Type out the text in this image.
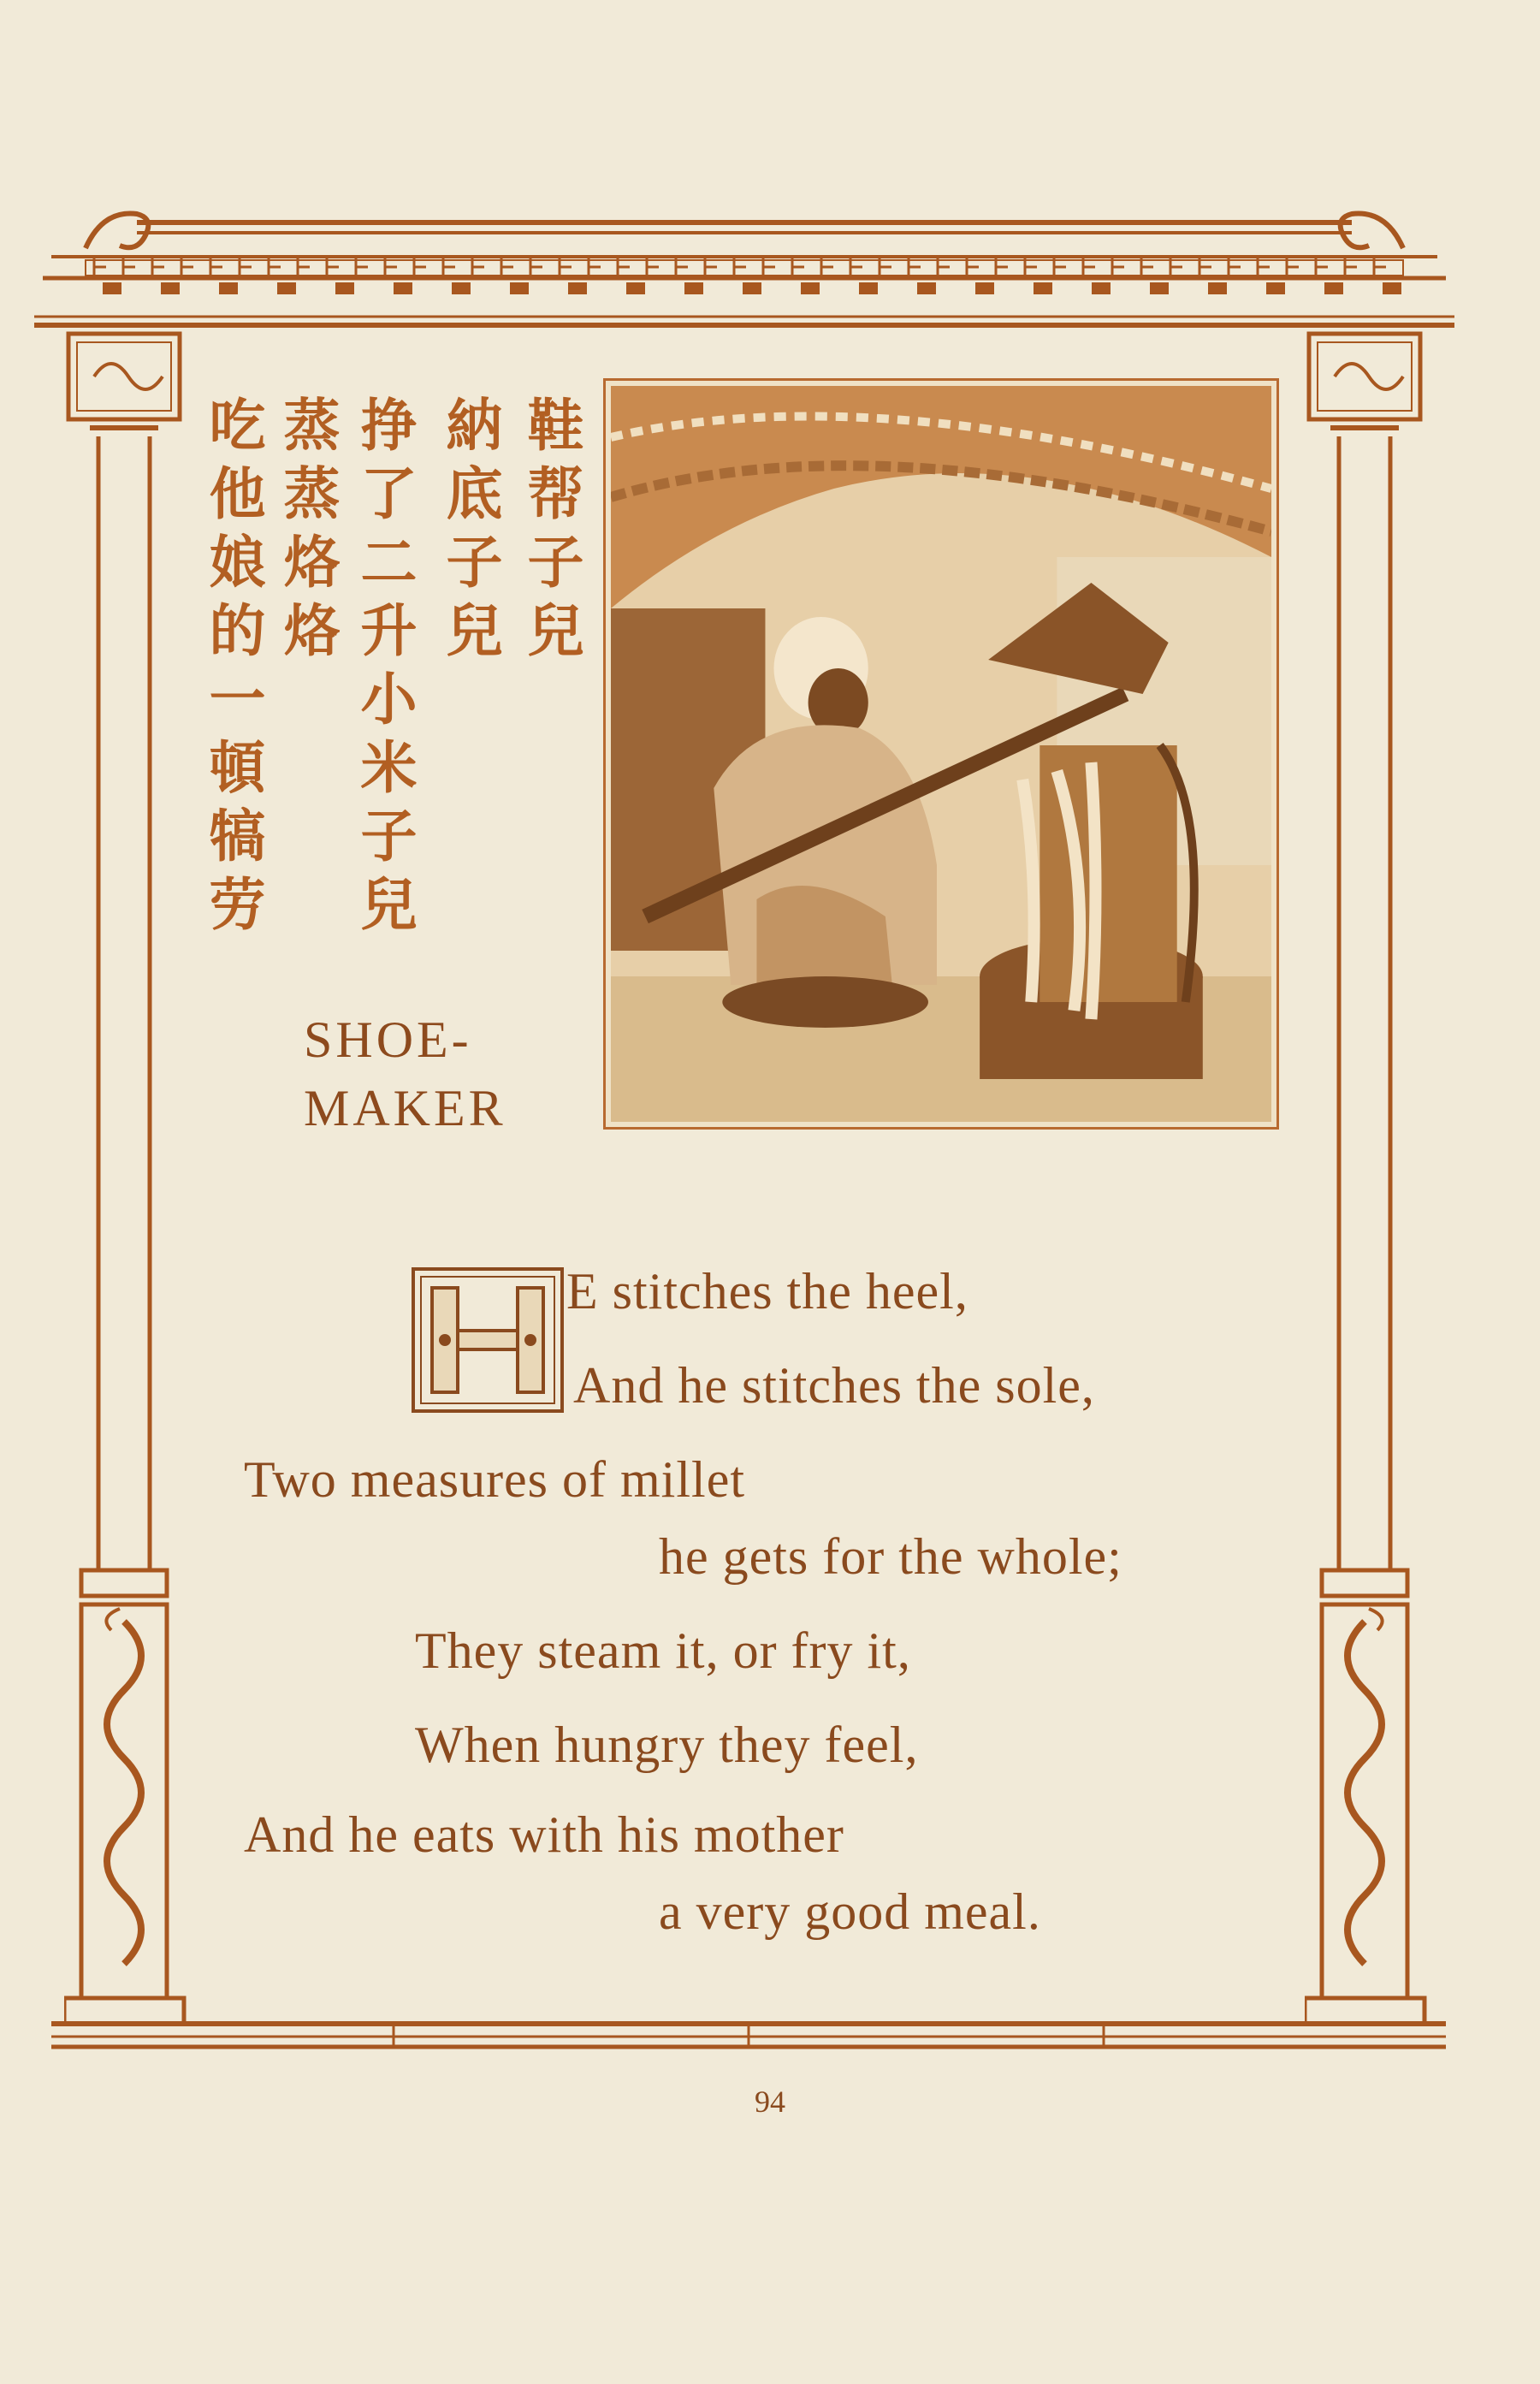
鞋帮子兒
納底子兒
挣了二升小米子兒
蒸蒸烙烙
吃他娘的一頓犒劳
SHOE-
MAKER
E stitches the heel,
And he stitches the sole,
Two measures of millet
he gets for the whole;
They steam it, or fry it,
When hungry they feel,
And he eats with his mother
a very good meal.
94
